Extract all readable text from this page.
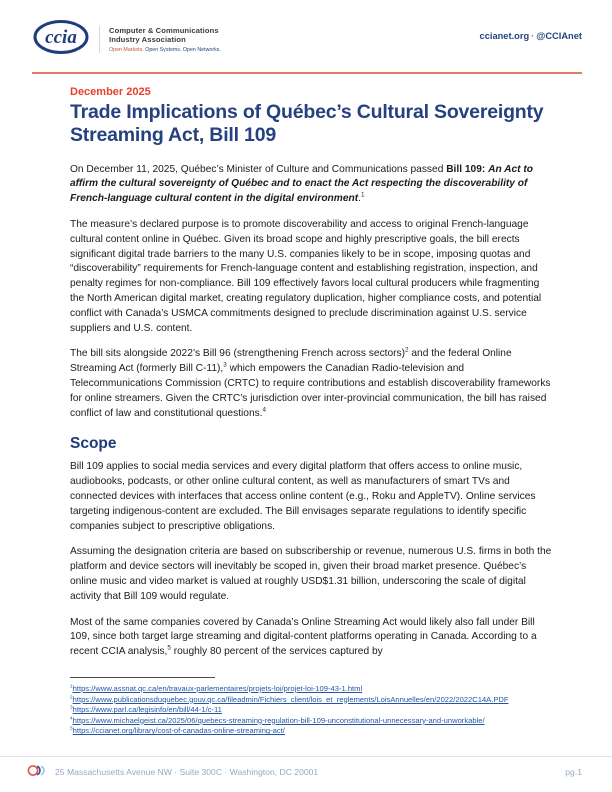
ccia	Computer & Communications
Industry Association
Open Markets. Open Systems. Open Networks.
ccianet.org · @CCIAnet
December 2025
Trade Implications of Québec’s Cultural Sovereignty Streaming Act, Bill 109

On December 11, 2025, Québec’s Minister of Culture and Communications passed Bill 109: An Act to affirm the cultural sovereignty of Québec and to enact the Act respecting the discoverability of French-language cultural content in the digital environment.$^1$

The measure’s declared purpose is to promote discoverability and access to original French-language cultural content online in Québec. Given its broad scope and highly prescriptive goals, the bill erects significant digital trade barriers to the many U.S. companies likely to be in scope, imposing quotas and “discoverability” requirements for French-language content and establishing registration, inspection, and penalty regimes for non-compliance. Bill 109 effectively favors local cultural producers while fragmenting the North American digital market, creating regulatory duplication, higher compliance costs, and potential conflict with Canada’s USMCA commitments designed to preclude discrimination against U.S. service suppliers and U.S. content.

The bill sits alongside 2022’s Bill 96 (strengthening French across sectors)$^2$ and the federal Online Streaming Act (formerly Bill C-11),$^3$ which empowers the Canadian Radio-television and Telecommunications Commission (CRTC) to require contributions and establish discoverability frameworks for online streamers. Given the CRTC’s jurisdiction over inter-provincial communication, the bill has raised conflict of law and constitutional questions.$^4$

Scope

Bill 109 applies to social media services and every digital platform that offers access to online music, audiobooks, podcasts, or other online cultural content, as well as manufacturers of smart TVs and connected devices with interfaces that access online content (e.g., Roku and AppleTV). Online services targeting indigenous-content are excluded. The Bill envisages separate regulations to identify specific companies subject to prescriptive obligations.

Assuming the designation criteria are based on subscribership or revenue, numerous U.S. firms in both the platform and device sectors will inevitably be scoped in, given their broad market presence. Québec’s online music and video market is valued at roughly USD$1.31 billion, underscoring the scale of digital activity that Bill 109 would regulate.

Most of the same companies covered by Canada’s Online Streaming Act would likely also fall under Bill 109, since both target large streaming and digital-content platforms operating in Canada. According to a recent CCIA analysis,$^5$ roughly 80 percent of the services captured by

$^1$https://www.assnat.qc.ca/en/travaux-parlementaires/projets-loi/projet-loi-109-43-1.html

$^2$https://www.publicationsduquebec.gouv.qc.ca/fileadmin/Fichiers_client/lois_et_reglements/LoisAnnuelles/en/2022/2022C14A.PDF

$^3$https://www.parl.ca/legisinfo/en/bill/44-1/c-11

$^4$https://www.michaelgeist.ca/2025/06/quebecs-streaming-regulation-bill-109-unconstitutional-unnecessary-and-unworkable/

$^5$https://ccianet.org/library/cost-of-canadas-online-streaming-act/

25 Massachusetts Avenue NW · Suite 300C · Washington, DC 20001	pg.1
